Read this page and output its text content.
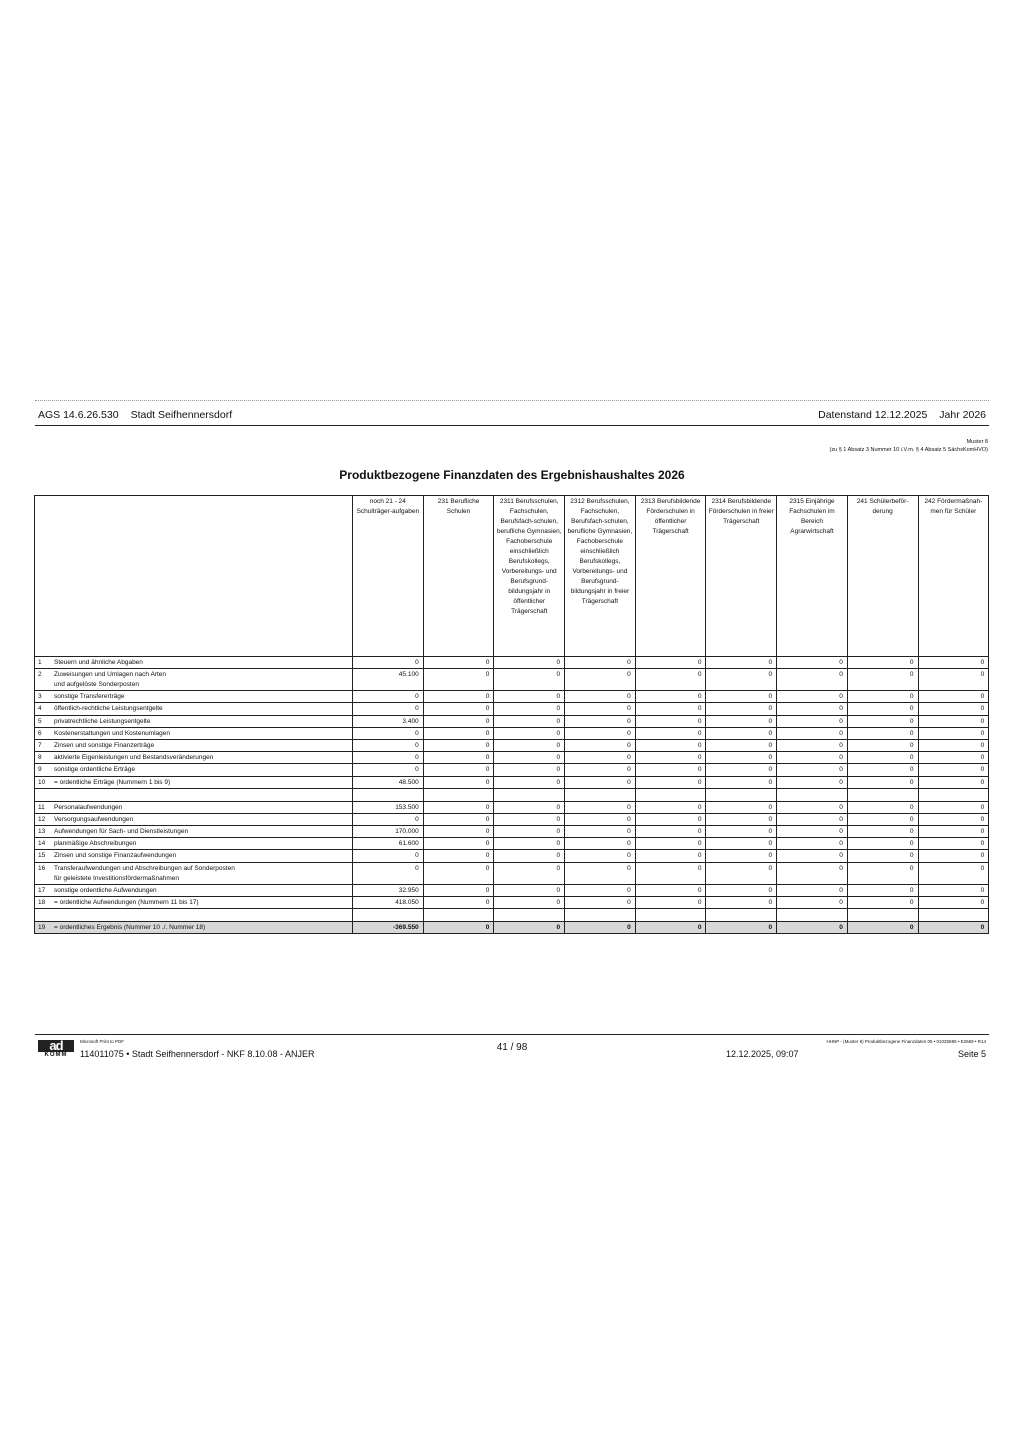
AGS 14.6.26.530 Stadt Seifhennersdorf	Datenstand 12.12.2025 Jahr 2026
Muster 8
(zu § 1 Absatz 3 Nummer 10 i.V.m. § 4 Absatz 5 SächsKomHVO)
Produktbezogene Finanzdaten des Ergebnishaushaltes 2026
	noch 21 - 24 Schulträger-aufgaben	231 Berufliche Schulen	2311 Berufsschulen, Fachschulen, Berufsfach-schulen, berufliche Gymnasien, Fachoberschule einschließlich Berufskollegs, Vorbereitungs- und Berufsgrund-bildungsjahr in öffentlicher Trägerschaft	2312 Berufsschulen, Fachschulen, Berufsfach-schulen, berufliche Gymnasien, Fachoberschule einschließlich Berufskollegs, Vorbereitungs- und Berufsgrund-bildungsjahr in freier Trägerschaft	2313 Berufsbildende Förderschulen in öffentlicher Trägerschaft	2314 Berufsbildende Förderschulen in freier Trägerschaft	2315 Einjährige Fachschulen im Bereich Agrarwirtschaft	241 Schülerbeför-derung	242 Fördermaßnah-men für Schüler
1 Steuern und ähnliche Abgaben	0	0	0	0	0	0	0	0	0
2 Zuweisungen und Umlagen nach Arten
und aufgelöste Sonderposten	45.100	0	0	0	0	0	0	0	0
3 sonstige Transfererträge	0	0	0	0	0	0	0	0	0
4 öffentlich-rechtliche Leistungsentgelte	0	0	0	0	0	0	0	0	0
5 privatrechtliche Leistungsentgelte	3.400	0	0	0	0	0	0	0	0
6 Kostenerstattungen und Kostenumlagen	0	0	0	0	0	0	0	0	0
7 Zinsen und sonstige Finanzerträge	0	0	0	0	0	0	0	0	0
8 aktivierte Eigenleistungen und Bestandsveränderungen	0	0	0	0	0	0	0	0	0
9 sonstige ordentliche Erträge	0	0	0	0	0	0	0	0	0
10 = ordentliche Erträge (Nummern 1 bis 9)	48.500	0	0	0	0	0	0	0	0

11 Personalaufwendungen	153.500	0	0	0	0	0	0	0	0
12 Versorgungsaufwendungen	0	0	0	0	0	0	0	0	0
13 Aufwendungen für Sach- und Dienstleistungen	170.000	0	0	0	0	0	0	0	0
14 planmäßige Abschreibungen	61.600	0	0	0	0	0	0	0	0
15 Zinsen und sonstige Finanzaufwendungen	0	0	0	0	0	0	0	0	0
16 Transferaufwendungen und Abschreibungen auf Sonderposten
für geleistete Investitionsfördermaßnahmen	0	0	0	0	0	0	0	0	0
17 sonstige ordentliche Aufwendungen	32.950	0	0	0	0	0	0	0	0
18 = ordentliche Aufwendungen (Nummern 11 bis 17)	418.050	0	0	0	0	0	0	0	0

19 = ordentliches Ergebnis (Nummer 10 ./. Nummer 18)	-369.550	0	0	0	0	0	0	0	0
ad
KOMM
Microsoft Print to PDF
114011075 • Stadt Seifhennersdorf - NKF 8.10.08 - ANJER
41 / 98
HHNP - (Muster 8) Produktbezogene Finanzdaten 05 • 01025885 • E2669 • R14
12.12.2025, 09:07	Seite 5
